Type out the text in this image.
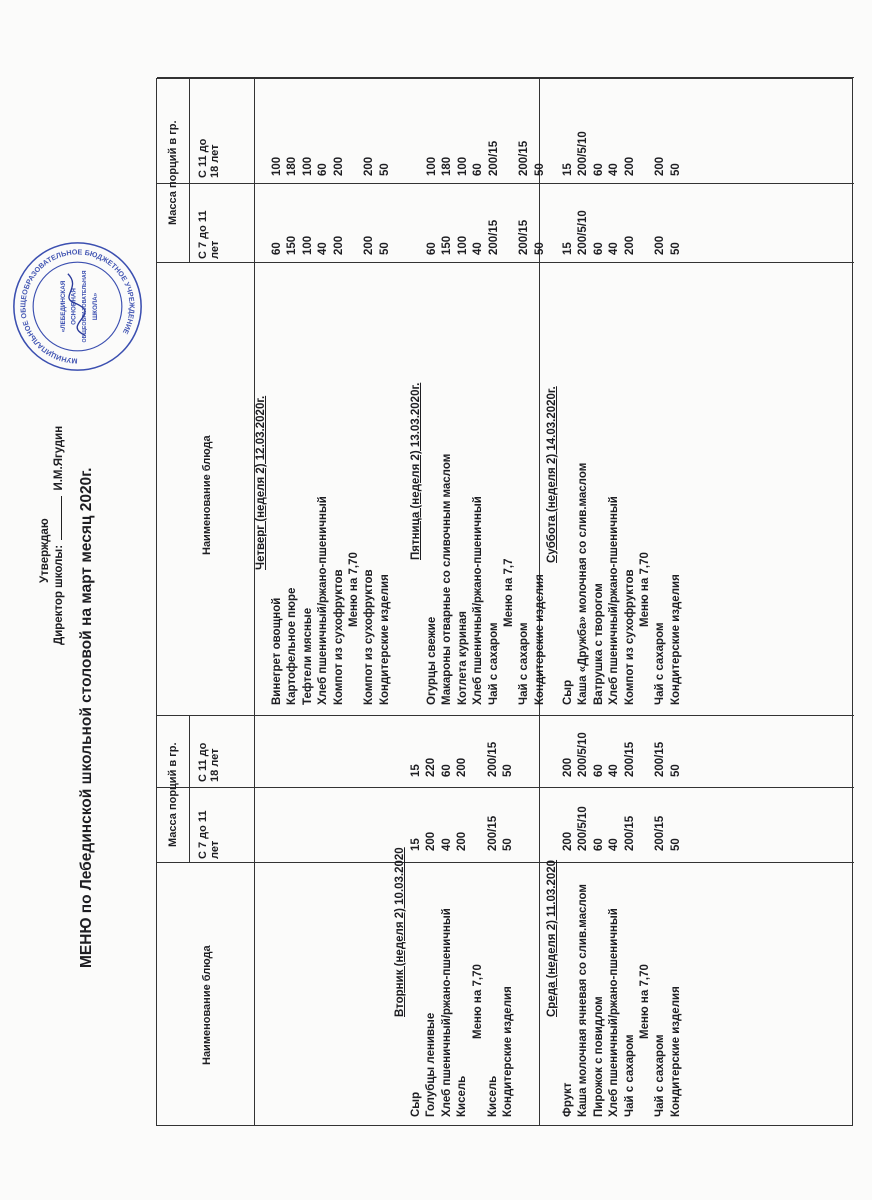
Утверждаю Директор школы:  И.М.Ягудин
МЕНЮ по Лебединской школьной столовой на март месяц 2020г.
МУНИЦИПАЛЬНОЕ ОБЩЕОБРАЗОВАТЕЛЬНОЕ БЮДЖЕТНОЕ УЧРЕЖДЕНИЕ
«ЛЕБЕДИНСКАЯ ОСНОВНАЯ ОБЩЕОБРАЗОВАТЕЛЬНАЯ ШКОЛА»
Наименование блюда
Масса порций в гр. С 7 до 11 лет
С 11 до 18 лет
Наименование блюда
Масса порций в гр.
С 7 до 11 лет
С 11 до 18 лет
Вторник (неделя 2) 10.03.2020
Сыр
15
15
Голубцы ленивые
200
220
Хлеб пшеничный/ржано-пшеничный
40
60
Кисель
200
200
Меню на 7,70
Кисель
200/15
200/15
Кондитерские изделия
50
50
Среда (неделя 2) 11.03.2020
Фрукт
200
200
Каша молочная ячневая со слив.маслом
200/5/10
200/5/10
Пирожок с повидлом
60
60
Хлеб пшеничный/ржано-пшеничный
40
40
Чай с сахаром
200/15
200/15
Меню на 7,70
Чай с сахаром
200/15
200/15
Кондитерские изделия
50
50
Четверг (неделя 2) 12.03.2020г.
Винегрет овощной
60
100
Картофельное пюре
150
180
Тефтели мясные
100
100
Хлеб пшеничный/ржано-пшеничный
40
60
Компот из сухофруктов
200
200
Меню на 7,70 Компот из сухофруктов
200
200
Кондитерские изделия
50
50
Пятница (неделя 2) 13.03.2020г.
Огурцы свежие
60
100
Макароны отварные со сливочным маслом
150
180
Котлета куриная
100
100
Хлеб пшеничный/ржано-пшеничный
40
60
Чай с сахаром
200/15
200/15
Меню на 7,7
Чай с сахаром
200/15
200/15
Кондитерские изделия
50
50
Суббота (неделя 2) 14.03.2020г.
Сыр
15
15
Каша «Дружба» молочная со слив.маслом
200/5/10
200/5/10
Ватрушка с творогом
60
60
Хлеб пшеничный/ржано-пшеничный
40
40
Компот из сухофруктов
200
200
Меню на 7,70
Чай с сахаром
200
200
Кондитерские изделия
50
50
